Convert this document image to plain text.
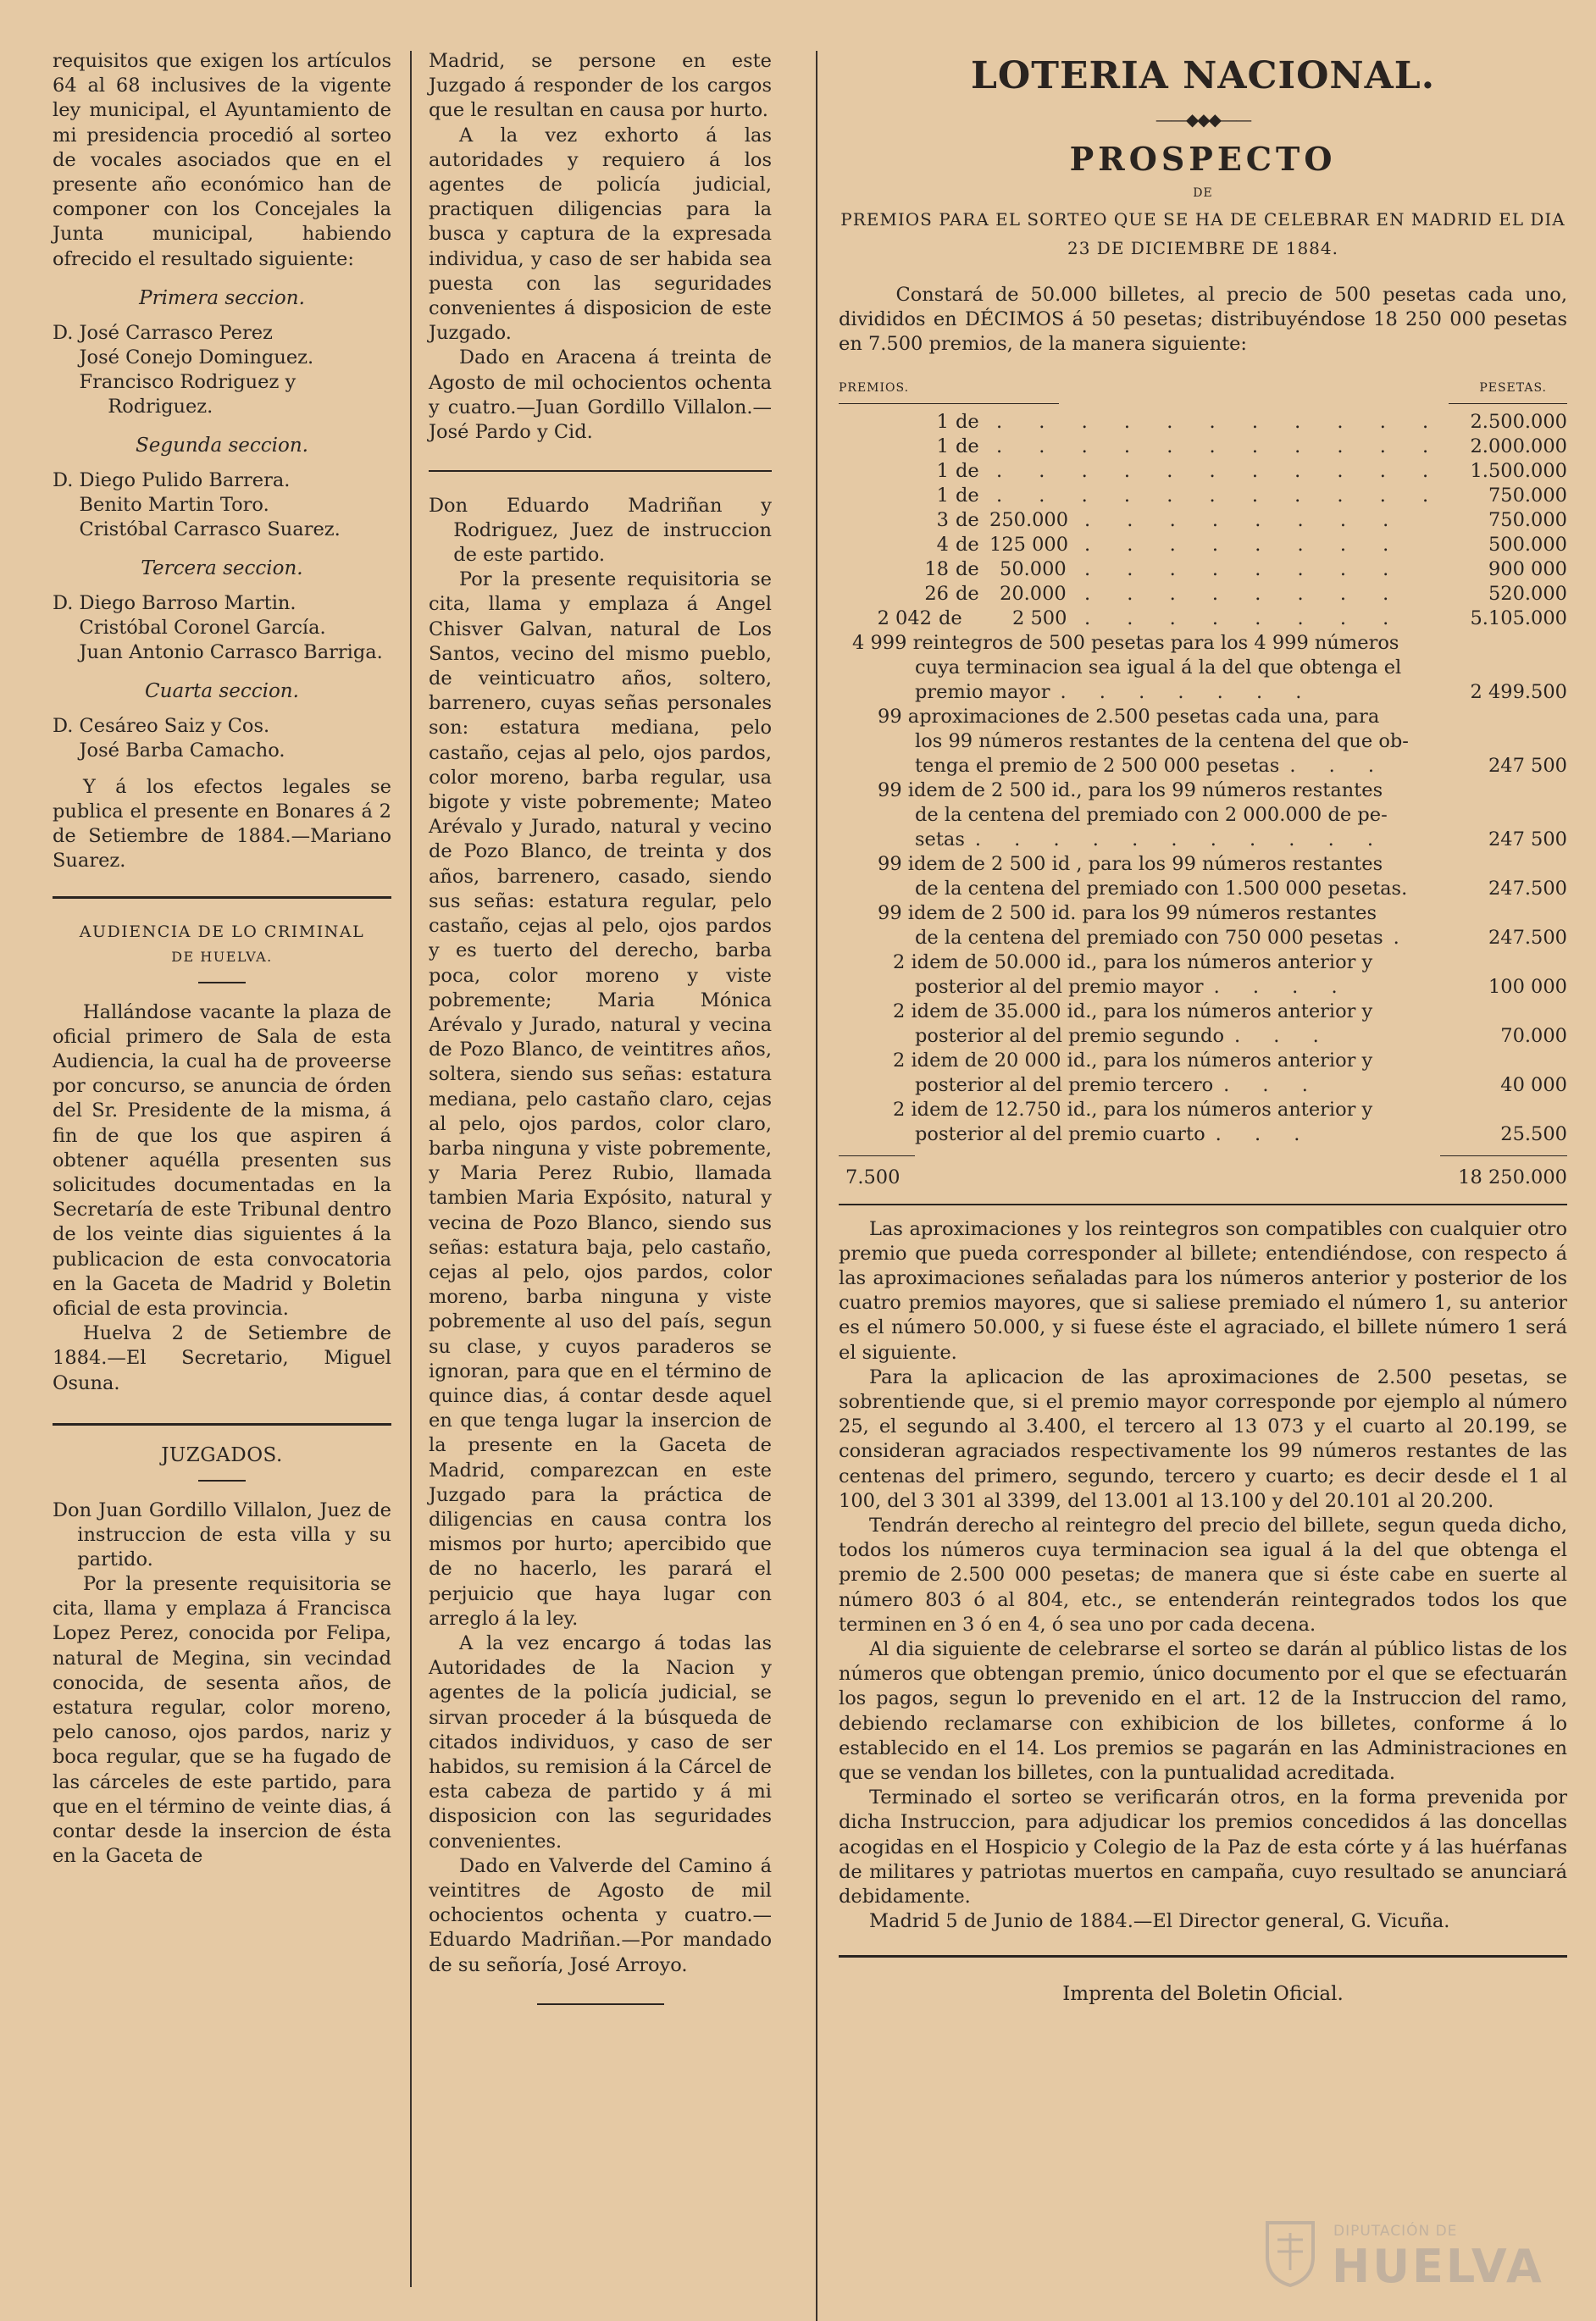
requisitos que exigen los artículos 64 al 68 inclusives de la vigente ley municipal, el Ayuntamiento de mi presidencia procedió al sorteo de vocales asociados que en el presente año económico han de componer con los Concejales la Junta municipal, habiendo ofrecido el resultado siguiente:

Primera seccion.
D. José Carrasco Perez
José Conejo Dominguez.
Francisco Rodriguez y Rodriguez.
Segunda seccion.
D. Diego Pulido Barrera.
Benito Martin Toro.
Cristóbal Carrasco Suarez.
Tercera seccion.
D. Diego Barroso Martin.
Cristóbal Coronel García.
Juan Antonio Carrasco Barriga.
Cuarta seccion.
D. Cesáreo Saiz y Cos.
José Barba Camacho.

Y á los efectos legales se publica el presente en Bonares á 2 de Setiembre de 1884.—Mariano Suarez.

AUDIENCIA DE LO CRIMINAL
DE HUELVA.

Hallándose vacante la plaza de oficial primero de Sala de esta Audiencia, la cual ha de proveerse por concurso, se anuncia de órden del Sr. Presidente de la misma, á fin de que los que aspiren á obtener aquélla presenten sus solicitudes documentadas en la Secretaría de este Tribunal dentro de los veinte dias siguientes á la publicacion de esta convocatoria en la Gaceta de Madrid y Boletin oficial de esta provincia.

Huelva 2 de Setiembre de 1884.—El Secretario, Miguel Osuna.

JUZGADOS.

Don Juan Gordillo Villalon, Juez de instruccion de esta villa y su partido.

Por la presente requisitoria se cita, llama y emplaza á Francisca Lopez Perez, conocida por Felipa, natural de Megina, sin vecindad conocida, de sesenta años, de estatura regular, color moreno, pelo canoso, ojos pardos, nariz y boca regular, que se ha fugado de las cárceles de este partido, para que en el término de veinte dias, á contar desde la insercion de ésta en la Gaceta de

Madrid, se persone en este Juzgado á responder de los cargos que le resultan en causa por hurto.

A la vez exhorto á las autoridades y requiero á los agentes de policía judicial, practiquen diligencias para la busca y captura de la expresada individua, y caso de ser habida sea puesta con las seguridades convenientes á disposicion de este Juzgado.

Dado en Aracena á treinta de Agosto de mil ochocientos ochenta y cuatro.—Juan Gordillo Villalon.—José Pardo y Cid.

Don Eduardo Madriñan y Rodriguez, Juez de instruccion de este partido.

Por la presente requisitoria se cita, llama y emplaza á Angel Chisver Galvan, natural de Los Santos, vecino del mismo pueblo, de veinticuatro años, soltero, barrenero, cuyas señas personales son: estatura mediana, pelo castaño, cejas al pelo, ojos pardos, color moreno, barba regular, usa bigote y viste pobremente; Mateo Arévalo y Jurado, natural y vecino de Pozo Blanco, de treinta y dos años, barrenero, casado, siendo sus señas: estatura regular, pelo castaño, cejas al pelo, ojos pardos y es tuerto del derecho, barba poca, color moreno y viste pobremente; Maria Mónica Arévalo y Jurado, natural y vecina de Pozo Blanco, de veintitres años, soltera, siendo sus señas: estatura mediana, pelo castaño claro, cejas al pelo, ojos pardos, color claro, barba ninguna y viste pobremente, y Maria Perez Rubio, llamada tambien Maria Expósito, natural y vecina de Pozo Blanco, siendo sus señas: estatura baja, pelo castaño, cejas al pelo, ojos pardos, color moreno, barba ninguna y viste pobremente al uso del país, segun su clase, y cuyos paraderos se ignoran, para que en el término de quince dias, á contar desde aquel en que tenga lugar la insercion de la presente en la Gaceta de Madrid, comparezcan en este Juzgado para la práctica de diligencias en causa contra los mismos por hurto; apercibido que de no hacerlo, les parará el perjuicio que haya lugar con arreglo á la ley.

A la vez encargo á todas las Autoridades de la Nacion y agentes de la policía judicial, se sirvan proceder á la búsqueda de citados individuos, y caso de ser habidos, su remision á la Cárcel de esta cabeza de partido y á mi disposicion con las seguridades convenientes.

Dado en Valverde del Camino á veintitres de Agosto de mil ochocientos ochenta y cuatro.—Eduardo Madriñan.—Por mandado de su señoría, José Arroyo.

LOTERIA NACIONAL.
——◆◆◆——
PROSPECTO
DE
PREMIOS PARA EL SORTEO QUE SE HA DE CELEBRAR EN MADRID EL DIA
23 DE DICIEMBRE DE 1884.

Constará de 50.000 billetes, al precio de 500 pesetas cada uno, divididos en DÉCIMOS á 50 pesetas; distribuyéndose 18 250 000 pesetas en 7.500 premios, de la manera siguiente:

PREMIOS.	PESETAS.
1 de . . . . . . . . . . . 2.500.000
1 de . . . . . . . . . . . 2.000.000
1 de . . . . . . . . . . . 1.500.000
1 de . . . . . . . . . . . 750.000
3 de 250.000 . . . . . . . .	750.000
4 de 125 000 . . . . . . . .	500.000
18 de 50.000 . . . . . . . .	900 000
26 de 20.000 . . . . . . . .	520.000
2 042 de	2 500 . . . . . . . .	5.105.000
4 999 reintegros de 500 pesetas para los 4 999 números
cuya terminacion sea igual á la del que obtenga el
premio mayor . . . . . . .	2 499.500
99 aproximaciones de 2.500 pesetas cada una, para
los 99 números restantes de la centena del que ob-
tenga el premio de 2 500 000 pesetas . . .	247 500
99 idem de 2 500 id., para los 99 números restantes
de la centena del premiado con 2 000.000 de pe-
setas . . . . . . . . . . .	247 500
99 idem de 2 500 id , para los 99 números restantes
de la centena del premiado con 1.500 000 pesetas.	247.500
99 idem de 2 500 id. para los 99 números restantes
de la centena del premiado con 750 000 pesetas .	247.500
2 idem de 50.000 id., para los números anterior y
posterior al del premio mayor . . . .	100 000
2 idem de 35.000 id., para los números anterior y
posterior al del premio segundo . . .	70.000
2 idem de 20 000 id., para los números anterior y
posterior al del premio tercero . . .	40 000
2 idem de 12.750 id., para los números anterior y
posterior al del premio cuarto . . .	25.500
7.500	18 250.000

Las aproximaciones y los reintegros son compatibles con cualquier otro premio que pueda corresponder al billete; entendiéndose, con respecto á las aproximaciones señaladas para los números anterior y posterior de los cuatro premios mayores, que si saliese premiado el número 1, su anterior es el número 50.000, y si fuese éste el agraciado, el billete número 1 será el siguiente.

Para la aplicacion de las aproximaciones de 2.500 pesetas, se sobrentiende que, si el premio mayor corresponde por ejemplo al número 25, el segundo al 3.400, el tercero al 13 073 y el cuarto al 20.199, se consideran agraciados respectivamente los 99 números restantes de las centenas del primero, segundo, tercero y cuarto; es decir desde el 1 al 100, del 3 301 al 3399, del 13.001 al 13.100 y del 20.101 al 20.200.

Tendrán derecho al reintegro del precio del billete, segun queda dicho, todos los números cuya terminacion sea igual á la del que obtenga el premio de 2.500 000 pesetas; de manera que si éste cabe en suerte al número 803 ó al 804, etc., se entenderán reintegrados todos los que terminen en 3 ó en 4, ó sea uno por cada decena.

Al dia siguiente de celebrarse el sorteo se darán al público listas de los números que obtengan premio, único documento por el que se efectuarán los pagos, segun lo prevenido en el art. 12 de la Instruccion del ramo, debiendo reclamarse con exhibicion de los billetes, conforme á lo establecido en el 14. Los premios se pagarán en las Administraciones en que se vendan los billetes, con la puntualidad acreditada.

Terminado el sorteo se verificarán otros, en la forma prevenida por dicha Instruccion, para adjudicar los premios concedidos á las doncellas acogidas en el Hospicio y Colegio de la Paz de esta córte y á las huérfanas de militares y patriotas muertos en campaña, cuyo resultado se anunciará debidamente.

Madrid 5 de Junio de 1884.—El Director general, G. Vicuña.

Imprenta del Boletin Oficial.
DIPUTACIÓN DE
HUELVA
